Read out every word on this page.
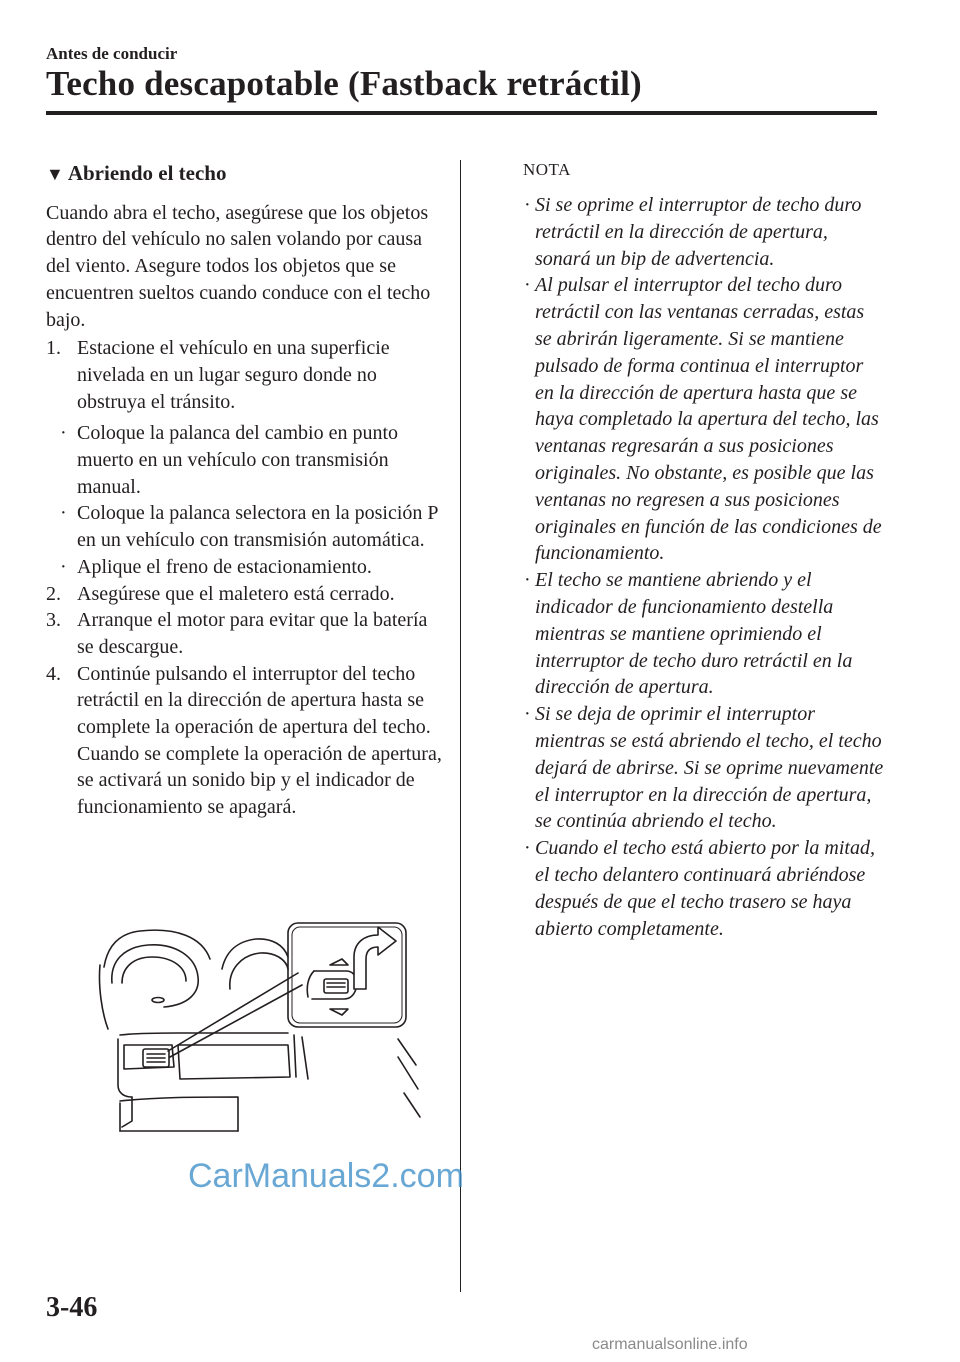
Antes de conducir
Techo descapotable (Fastback retráctil)
▼ Abriendo el techo

Cuando abra el techo, asegúrese que los objetos dentro del vehículo no salen volando por causa del viento. Asegure todos los objetos que se encuentren sueltos cuando conduce con el techo bajo.

1. Estacione el vehículo en una superficie nivelada en un lugar seguro donde no obstruya el tránsito.
· Coloque la palanca del cambio en punto muerto en un vehículo con transmisión manual.
· Coloque la palanca selectora en la posición P en un vehículo con transmisión automática.
· Aplique el freno de estacionamiento.
2. Asegúrese que el maletero está cerrado.
3. Arranque el motor para evitar que la batería se descargue.
4. Continúe pulsando el interruptor del techo retráctil en la dirección de apertura hasta se complete la operación de apertura del techo. Cuando se complete la operación de apertura, se activará un sonido bip y el indicador de funcionamiento se apagará.
NOTA
· Si se oprime el interruptor de techo duro retráctil en la dirección de apertura, sonará un bip de advertencia.
· Al pulsar el interruptor del techo duro retráctil con las ventanas cerradas, estas se abrirán ligeramente. Si se mantiene pulsado de forma continua el interruptor en la dirección de apertura hasta que se haya completado la apertura del techo, las ventanas regresarán a sus posiciones originales. No obstante, es posible que las ventanas no regresen a sus posiciones originales en función de las condiciones de funcionamiento.
· El techo se mantiene abriendo y el indicador de funcionamiento destella mientras se mantiene oprimiendo el interruptor de techo duro retráctil en la dirección de apertura.
· Si se deja de oprimir el interruptor mientras se está abriendo el techo, el techo dejará de abrirse. Si se oprime nuevamente el interruptor en la dirección de apertura, se continúa abriendo el techo.
· Cuando el techo está abierto por la mitad, el techo delantero continuará abriéndose después de que el techo trasero se haya abierto completamente.
CarManuals2.com
3-46
carmanualsonline.info
